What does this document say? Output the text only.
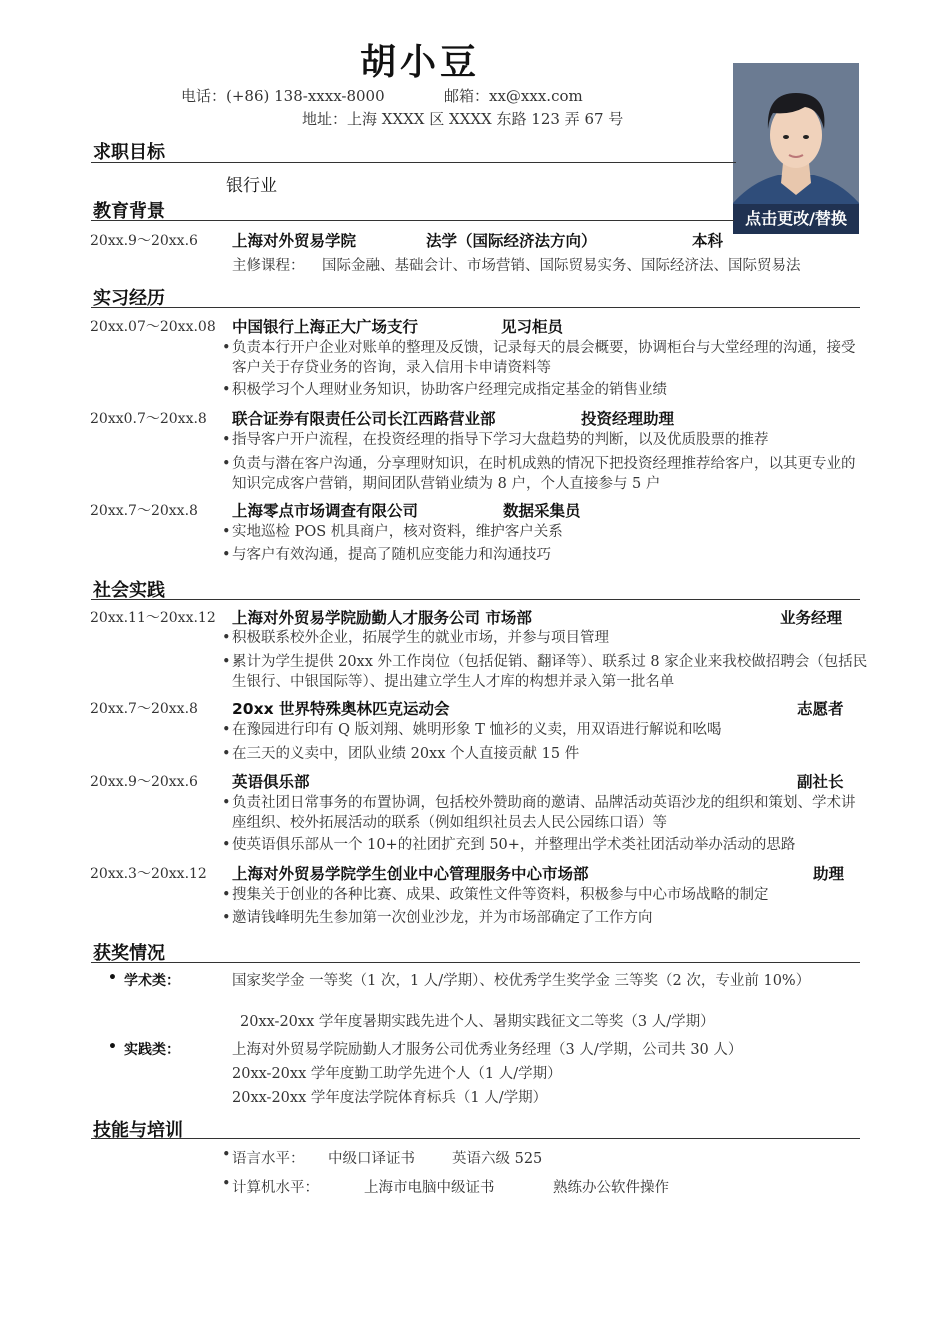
胡小豆
电话：(+86) 138-xxxx-8000	邮箱：xx@xxx.com
地址：上海 XXXX 区 XXXX 东路 123 弄 67 号
点击更改/替换
求职目标
银行业
教育背景
20xx.9～20xx.6 上海对外贸易学院	法学（国际经济法方向）	本科
主修课程： 国际金融、基础会计、市场营销、国际贸易实务、国际经济法、国际贸易法
实习经历
20xx.07～20xx.08 中国银行上海正大广场支行	见习柜员
• 负责本行开户企业对账单的整理及反馈，记录每天的晨会概要，协调柜台与大堂经理的沟通，接受客户关于存贷业务的咨询，录入信用卡申请资料等
• 积极学习个人理财业务知识，协助客户经理完成指定基金的销售业绩
20xx0.7～20xx.8 联合证券有限责任公司长江西路营业部	投资经理助理
• 指导客户开户流程，在投资经理的指导下学习大盘趋势的判断，以及优质股票的推荐
• 负责与潜在客户沟通，分享理财知识，在时机成熟的情况下把投资经理推荐给客户，以其更专业的知识完成客户营销，期间团队营销业绩为 8 户，个人直接参与 5 户
20xx.7～20xx.8 上海零点市场调查有限公司	数据采集员
• 实地巡检 POS 机具商户，核对资料，维护客户关系
• 与客户有效沟通，提高了随机应变能力和沟通技巧
社会实践
20xx.11～20xx.12 上海对外贸易学院励勤人才服务公司 市场部	业务经理
• 积极联系校外企业，拓展学生的就业市场，并参与项目管理
• 累计为学生提供 20xx 外工作岗位（包括促销、翻译等）、联系过 8 家企业来我校做招聘会（包括民生银行、中银国际等）、提出建立学生人才库的构想并录入第一批名单
20xx.7～20xx.8 20xx 世界特殊奥林匹克运动会	志愿者
• 在豫园进行印有 Q 版刘翔、姚明形象 T 恤衫的义卖，用双语进行解说和吆喝
• 在三天的义卖中，团队业绩 20xx 个人直接贡献 15 件
20xx.9～20xx.6 英语俱乐部	副社长
• 负责社团日常事务的布置协调，包括校外赞助商的邀请、品牌活动英语沙龙的组织和策划、学术讲座组织、校外拓展活动的联系（例如组织社员去人民公园练口语）等
• 使英语俱乐部从一个 10+的社团扩充到 50+，并整理出学术类社团活动举办活动的思路
20xx.3～20xx.12 上海对外贸易学院学生创业中心管理服务中心市场部	助理
• 搜集关于创业的各种比赛、成果、政策性文件等资料，积极参与中心市场战略的制定
• 邀请钱峰明先生参加第一次创业沙龙，并为市场部确定了工作方向
获奖情况
• 学术类：	国家奖学金 一等奖（1 次，1 人/学期）、校优秀学生奖学金 三等奖（2 次，专业前 10%）
20xx-20xx 学年度暑期实践先进个人、暑期实践征文二等奖（3 人/学期）
• 实践类：	上海对外贸易学院励勤人才服务公司优秀业务经理（3 人/学期，公司共 30 人）
20xx-20xx 学年度勤工助学先进个人（1 人/学期）
20xx-20xx 学年度法学院体育标兵（1 人/学期）
技能与培训
• 语言水平： 中级口译证书	英语六级 525
• 计算机水平：	上海市电脑中级证书	熟练办公软件操作
